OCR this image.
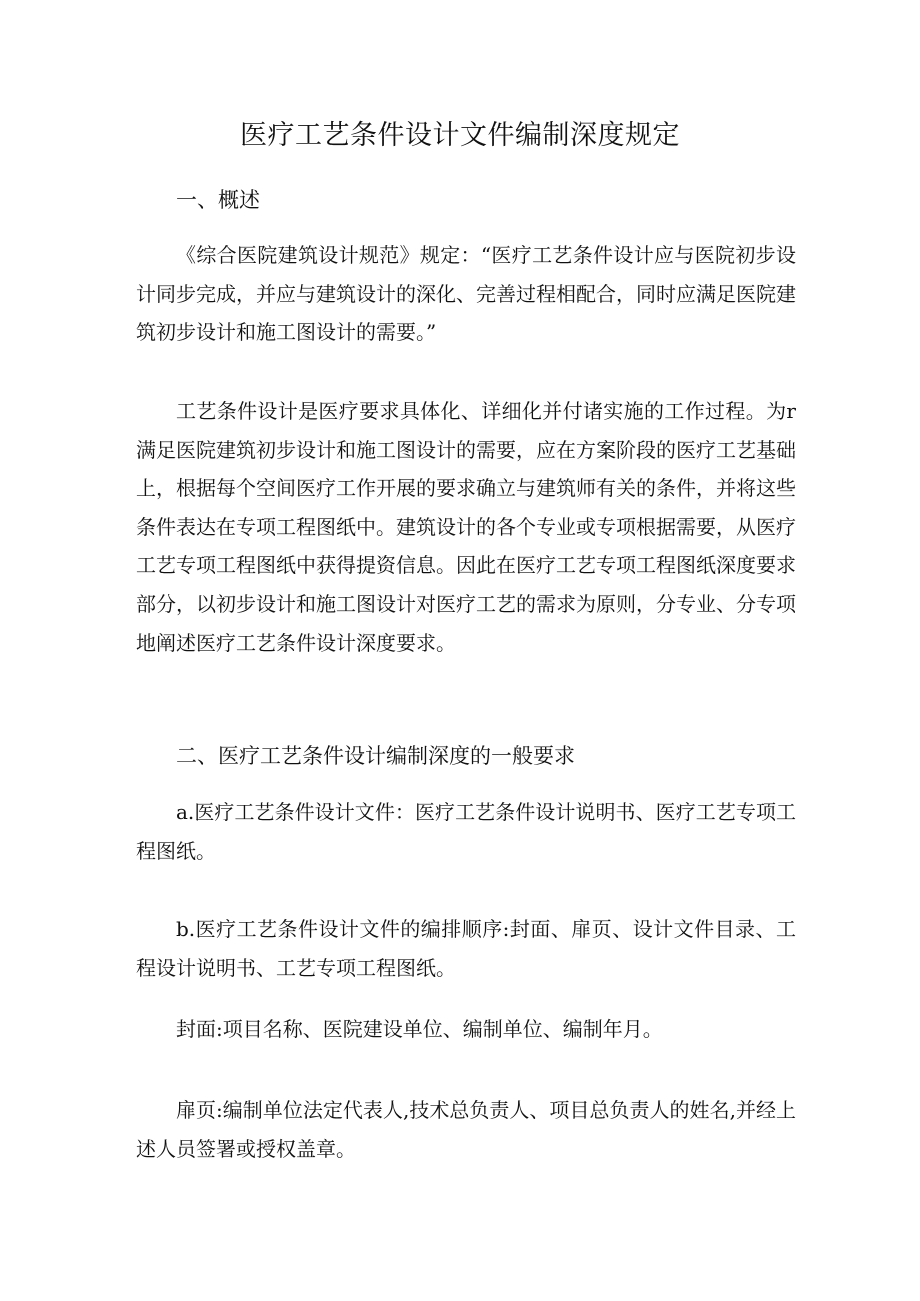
医疗工艺条件设计文件编制深度规定
一、概述

《综合医院建筑设计规范》规定：“医疗工艺条件设计应与医院初步设计同步完成，并应与建筑设计的深化、完善过程相配合，同时应满足医院建筑初步设计和施工图设计的需要。”

工艺条件设计是医疗要求具体化、详细化并付诸实施的工作过程。为r满足医院建筑初步设计和施工图设计的需要，应在方案阶段的医疗工艺基础上，根据每个空间医疗工作开展的要求确立与建筑师有关的条件，并将这些条件表达在专项工程图纸中。建筑设计的各个专业或专项根据需要，从医疗工艺专项工程图纸中获得提资信息。因此在医疗工艺专项工程图纸深度要求部分，以初步设计和施工图设计对医疗工艺的需求为原则，分专业、分专项地阐述医疗工艺条件设计深度要求。

二、医疗工艺条件设计编制深度的一般要求

a.医疗工艺条件设计文件：医疗工艺条件设计说明书、医疗工艺专项工程图纸。

b.医疗工艺条件设计文件的编排顺序:封面、扉页、设计文件目录、工程设计说明书、工艺专项工程图纸。

封面:项目名称、医院建设单位、编制单位、编制年月。

扉页:编制单位法定代表人,技术总负责人、项目总负责人的姓名,并经上述人员签署或授权盖章。
